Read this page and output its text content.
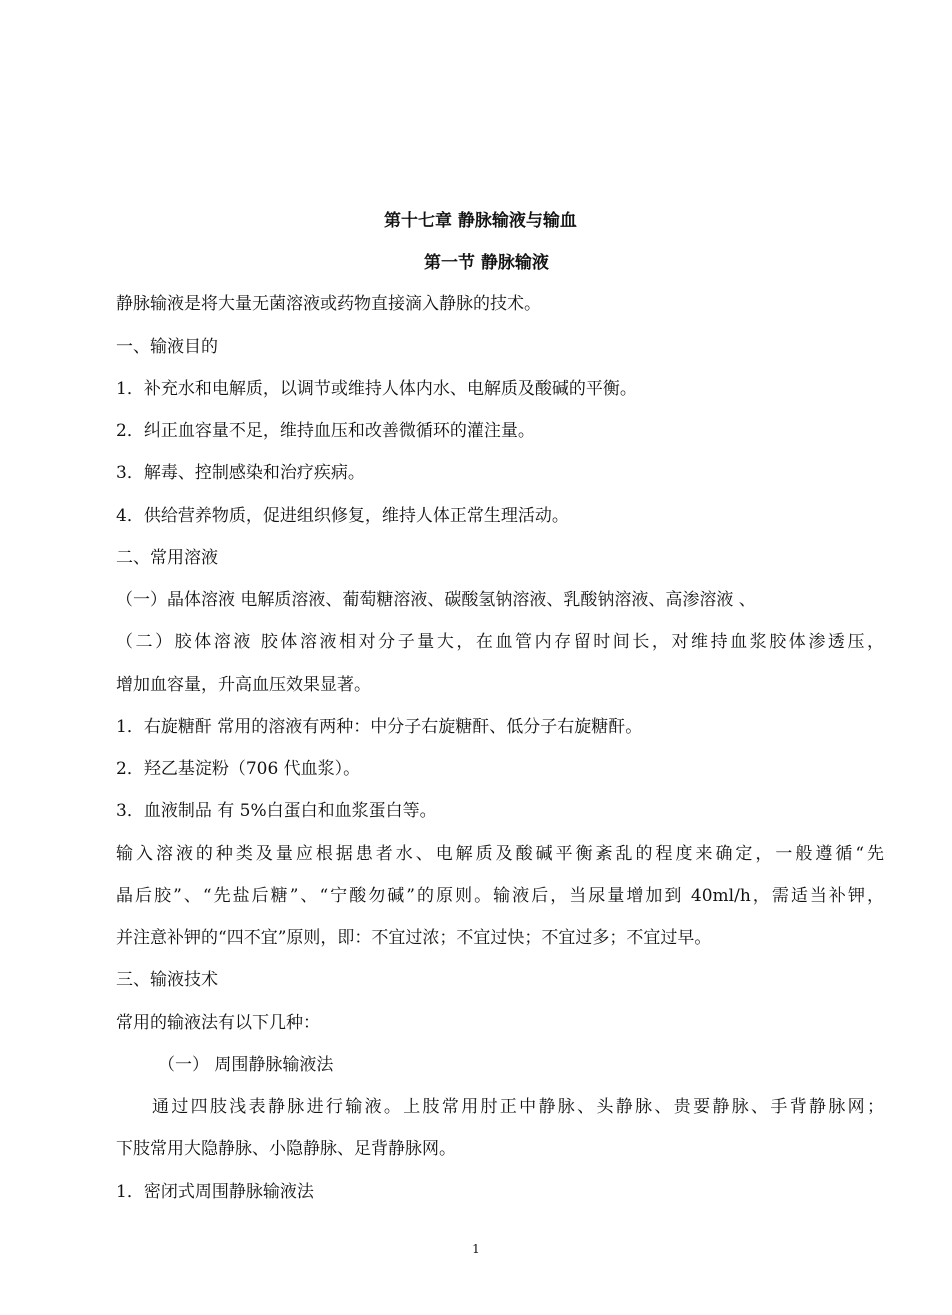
第十七章 静脉输液与输血
第一节 静脉输液
静脉输液是将大量无菌溶液或药物直接滴入静脉的技术。
一、输液目的
1．补充水和电解质，以调节或维持人体内水、电解质及酸碱的平衡。
2．纠正血容量不足，维持血压和改善微循环的灌注量。
3．解毒、控制感染和治疗疾病。
4．供给营养物质，促进组织修复，维持人体正常生理活动。
二、常用溶液
（一）晶体溶液 电解质溶液、葡萄糖溶液、碳酸氢钠溶液、乳酸钠溶液、高渗溶液 、
（二）胶体溶液 胶体溶液相对分子量大，在血管内存留时间长，对维持血浆胶体渗透压，
增加血容量，升高血压效果显著。
1．右旋糖酐 常用的溶液有两种：中分子右旋糖酐、低分子右旋糖酐。
2．羟乙基淀粉（706 代血浆）。
3．血液制品 有 5%白蛋白和血浆蛋白等。
输入溶液的种类及量应根据患者水、电解质及酸碱平衡紊乱的程度来确定，一般遵循“先
晶后胶”、“先盐后糖”、“宁酸勿碱”的原则。输液后，当尿量增加到 40ml/h，需适当补钾，
并注意补钾的“四不宜”原则，即：不宜过浓；不宜过快；不宜过多；不宜过早。
三、输液技术
常用的输液法有以下几种：
（一） 周围静脉输液法
通过四肢浅表静脉进行输液。上肢常用肘正中静脉、头静脉、贵要静脉、手背静脉网；
下肢常用大隐静脉、小隐静脉、足背静脉网。
1．密闭式周围静脉输液法
1
